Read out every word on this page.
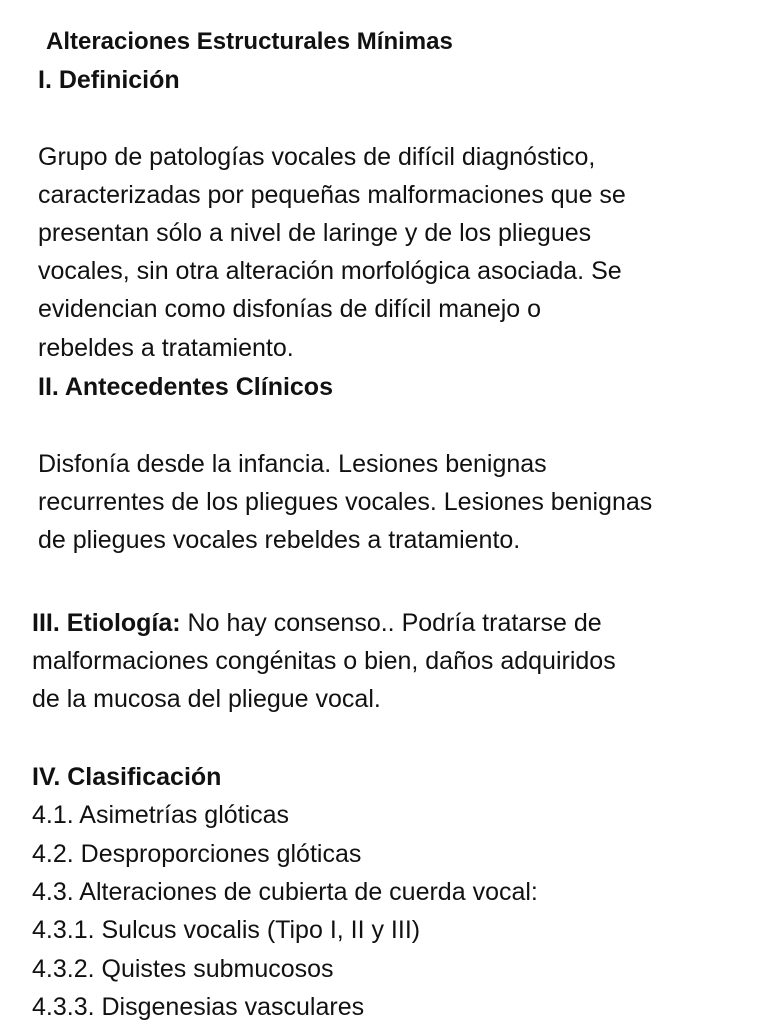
Alteraciones Estructurales Mínimas
I. Definición

Grupo de patologías vocales de difícil diagnóstico,

caracterizadas por pequeñas malformaciones que se

presentan sólo a nivel de laringe y de los pliegues

vocales, sin otra alteración morfológica asociada. Se

evidencian como disfonías de difícil manejo o

rebeldes a tratamiento.

II. Antecedentes Clínicos

Disfonía desde la infancia. Lesiones benignas

recurrentes de los pliegues vocales. Lesiones benignas

de pliegues vocales rebeldes a tratamiento.

III. Etiología: No hay consenso.. Podría tratarse de

malformaciones congénitas o bien, daños adquiridos

de la mucosa del pliegue vocal.

IV. Clasificación

4.1. Asimetrías glóticas

4.2. Desproporciones glóticas

4.3. Alteraciones de cubierta de cuerda vocal:

4.3.1. Sulcus vocalis (Tipo I, II y III)

4.3.2. Quistes submucosos

4.3.3. Disgenesias vasculares
